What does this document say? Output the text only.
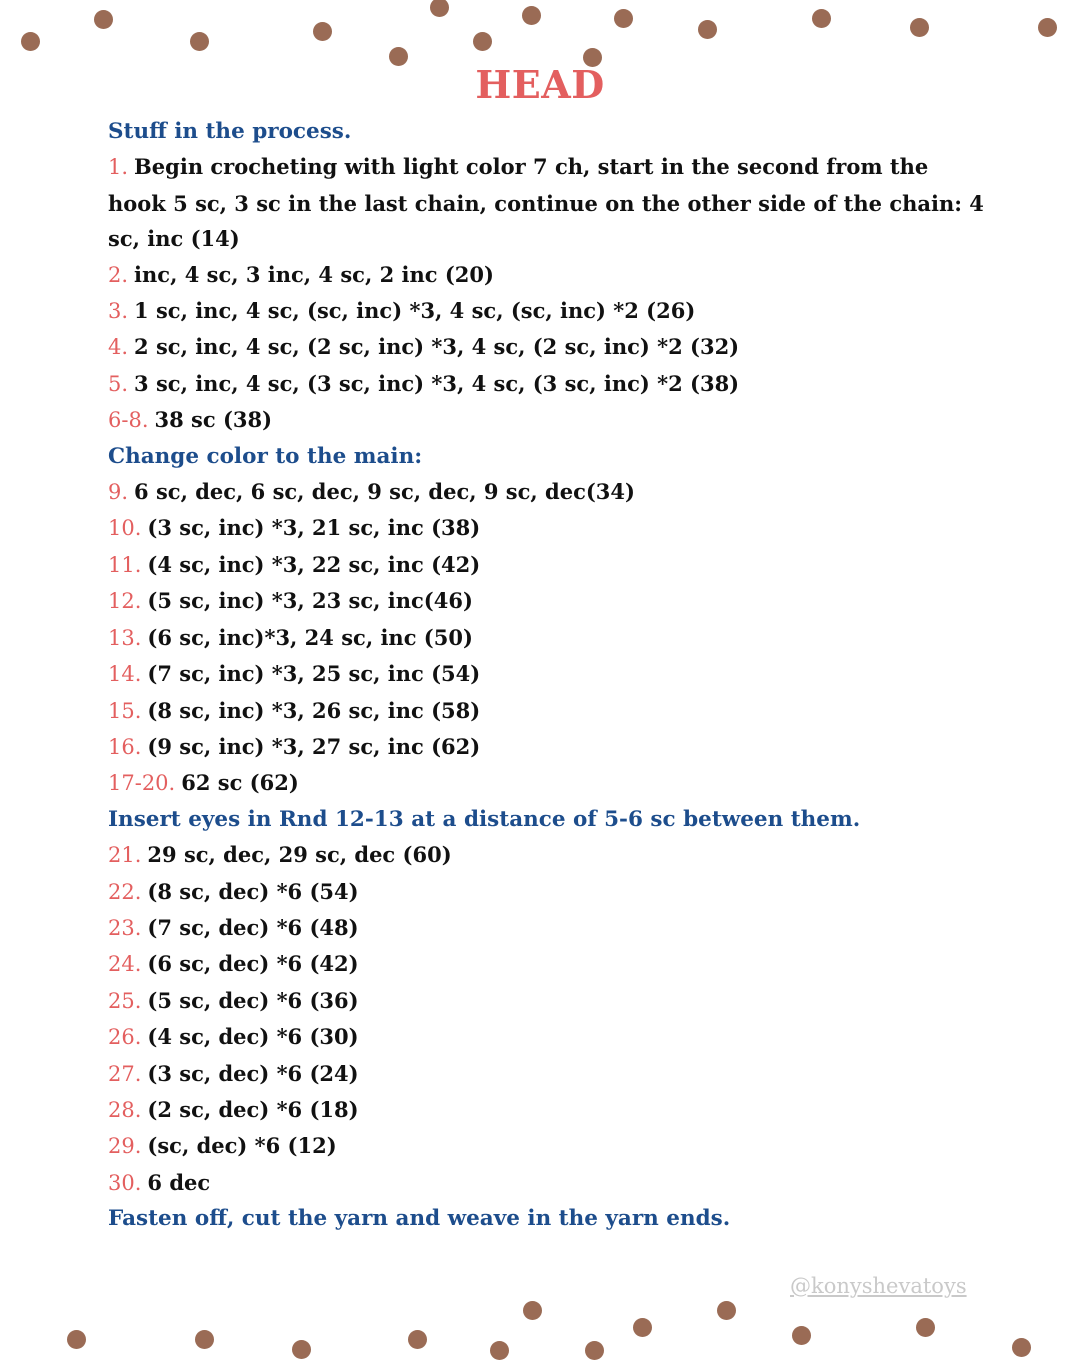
HEAD
Stuff in the process.
1. Begin crocheting with light color 7 ch, start in the second from the hook 5 sc, 3 sc in the last chain, continue on the other side of the chain: 4 sc, inc (14)
2. inc, 4 sc, 3 inc, 4 sc, 2 inc (20)
3. 1 sc, inc, 4 sc, (sc, inc) *3, 4 sc, (sc, inc) *2 (26)
4. 2 sc, inc, 4 sc, (2 sc, inc) *3, 4 sc, (2 sc, inc) *2 (32)
5. 3 sc, inc, 4 sc, (3 sc, inc) *3, 4 sc, (3 sc, inc) *2 (38)
6-8. 38 sc (38)
Change color to the main:
9. 6 sc, dec, 6 sc, dec, 9 sc, dec, 9 sc, dec(34)
10. (3 sc, inc) *3, 21 sc, inc (38)
11. (4 sc, inc) *3, 22 sc, inc (42)
12. (5 sc, inc) *3, 23 sc, inc(46)
13. (6 sc, inc)*3, 24 sc, inc (50)
14. (7 sc, inc) *3, 25 sc, inc (54)
15. (8 sc, inc) *3, 26 sc, inc (58)
16. (9 sc, inc) *3, 27 sc, inc (62)
17-20. 62 sc (62)
Insert eyes in Rnd 12-13 at a distance of 5-6 sc between them.
21. 29 sc, dec, 29 sc, dec (60)
22. (8 sc, dec) *6 (54)
23. (7 sc, dec) *6 (48)
24. (6 sc, dec) *6 (42)
25. (5 sc, dec) *6 (36)
26. (4 sc, dec) *6 (30)
27. (3 sc, dec) *6 (24)
28. (2 sc, dec) *6 (18)
29. (sc, dec) *6 (12)
30. 6 dec
Fasten off, cut the yarn and weave in the yarn ends.
@konyshevatoys
